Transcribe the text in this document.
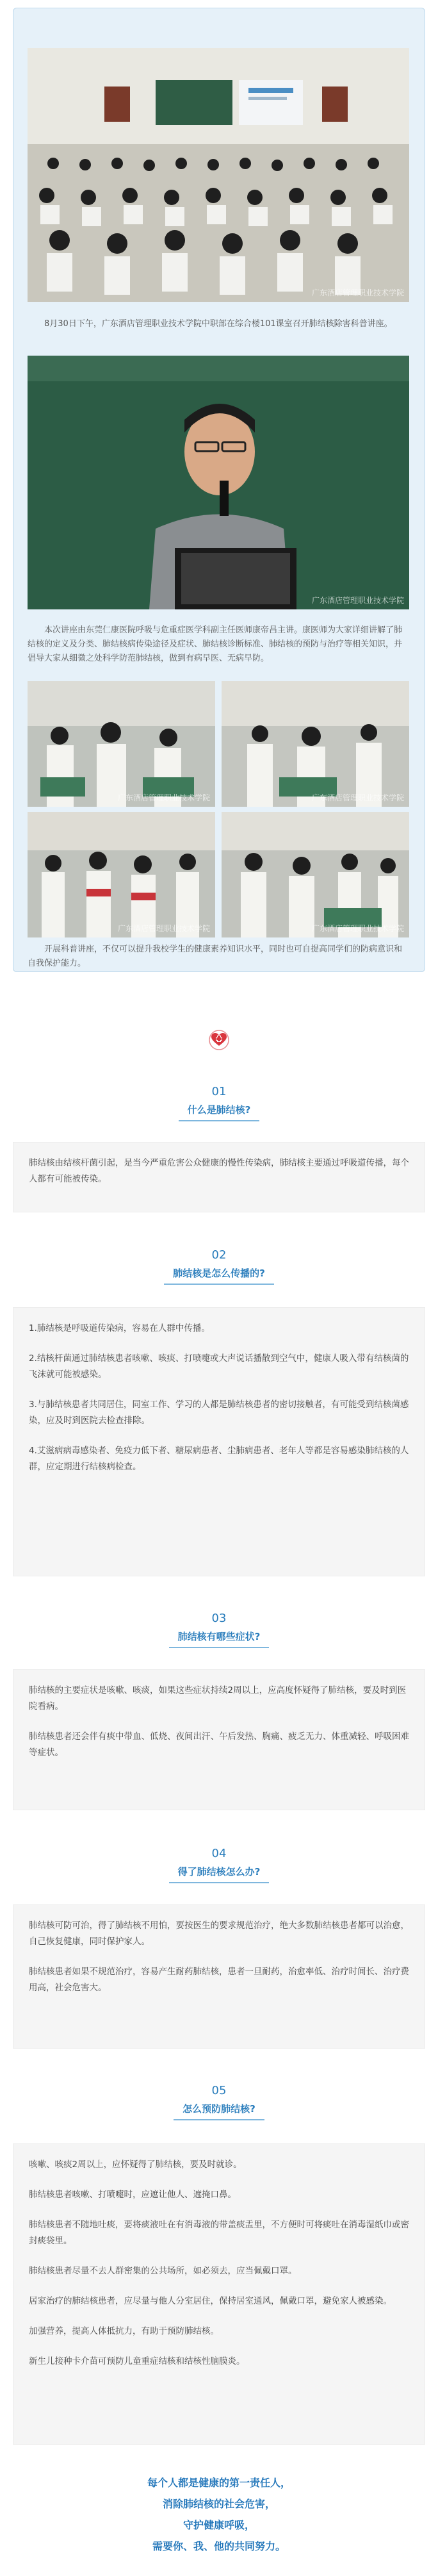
广东酒店管理职业技术学院

8月30日下午，广东酒店管理职业技术学院中职部在综合楼101课室召开肺结核除害科普讲座。

广东酒店管理职业技术学院

本次讲座由东莞仁康医院呼吸与危重症医学科副主任医师康帝昌主讲。康医师为大家详细讲解了肺结核的定义及分类、肺结核病传染途径及症状、肺结核诊断标准、肺结核的预防与治疗等相关知识，并倡导大家从细微之处科学防范肺结核，做到有病早医、无病早防。

广东酒店管理职业技术学院	广东酒店管理职业技术学院
广东酒店管理职业技术学院	广东酒店管理职业技术学院

开展科普讲座，不仅可以提升我校学生的健康素养知识水平，同时也可自提高同学们的防病意识和自我保护能力。

01
什么是肺结核?

肺结核由结核杆菌引起，是当今严重危害公众健康的慢性传染病，肺结核主要通过呼吸道传播，每个人都有可能被传染。

02
肺结核是怎么传播的?

1.肺结核是呼吸道传染病，容易在人群中传播。

2.结核杆菌通过肺结核患者咳嗽、咳痰、打喷嚏或大声说话播散到空气中，健康人吸入带有结核菌的飞沫就可能被感染。

3.与肺结核患者共同居住，同室工作、学习的人都是肺结核患者的密切接触者，有可能受到结核菌感染，应及时到医院去检查排除。

4.艾滋病病毒感染者、免疫力低下者、糖尿病患者、尘肺病患者、老年人等都是容易感染肺结核的人群，应定期进行结核病检查。

03
肺结核有哪些症状?

肺结核的主要症状是咳嗽、咳痰，如果这些症状持续2周以上，应高度怀疑得了肺结核，要及时到医院看病。

肺结核患者还会伴有痰中带血、低烧、夜间出汗、午后发热、胸痛、疲乏无力、体重减轻、呼吸困难等症状。

04
得了肺结核怎么办?

肺结核可防可治，得了肺结核不用怕，要按医生的要求规范治疗，绝大多数肺结核患者都可以治愈，自己恢复健康，同时保护家人。

肺结核患者如果不规范治疗，容易产生耐药肺结核，患者一旦耐药，治愈率低、治疗时间长、治疗费用高，社会危害大。

05
怎么预防肺结核?

咳嗽、咳痰2周以上，应怀疑得了肺结核，要及时就诊。

肺结核患者咳嗽、打喷嚏时，应遮让他人、遮掩口鼻。

肺结核患者不随地吐痰，要将痰液吐在有消毒液的带盖痰盂里，不方便时可将痰吐在消毒湿纸巾或密封痰袋里。

肺结核患者尽量不去人群密集的公共场所，如必须去，应当佩戴口罩。

居家治疗的肺结核患者，应尽量与他人分室居住，保持居室通风，佩戴口罩，避免家人被感染。

加强营养，提高人体抵抗力，有助于预防肺结核。

新生儿接种卡介苗可预防儿童重症结核和结核性脑膜炎。

每个人都是健康的第一责任人，
消除肺结核的社会危害，
守护健康呼吸，
需要你、我、他的共同努力。
